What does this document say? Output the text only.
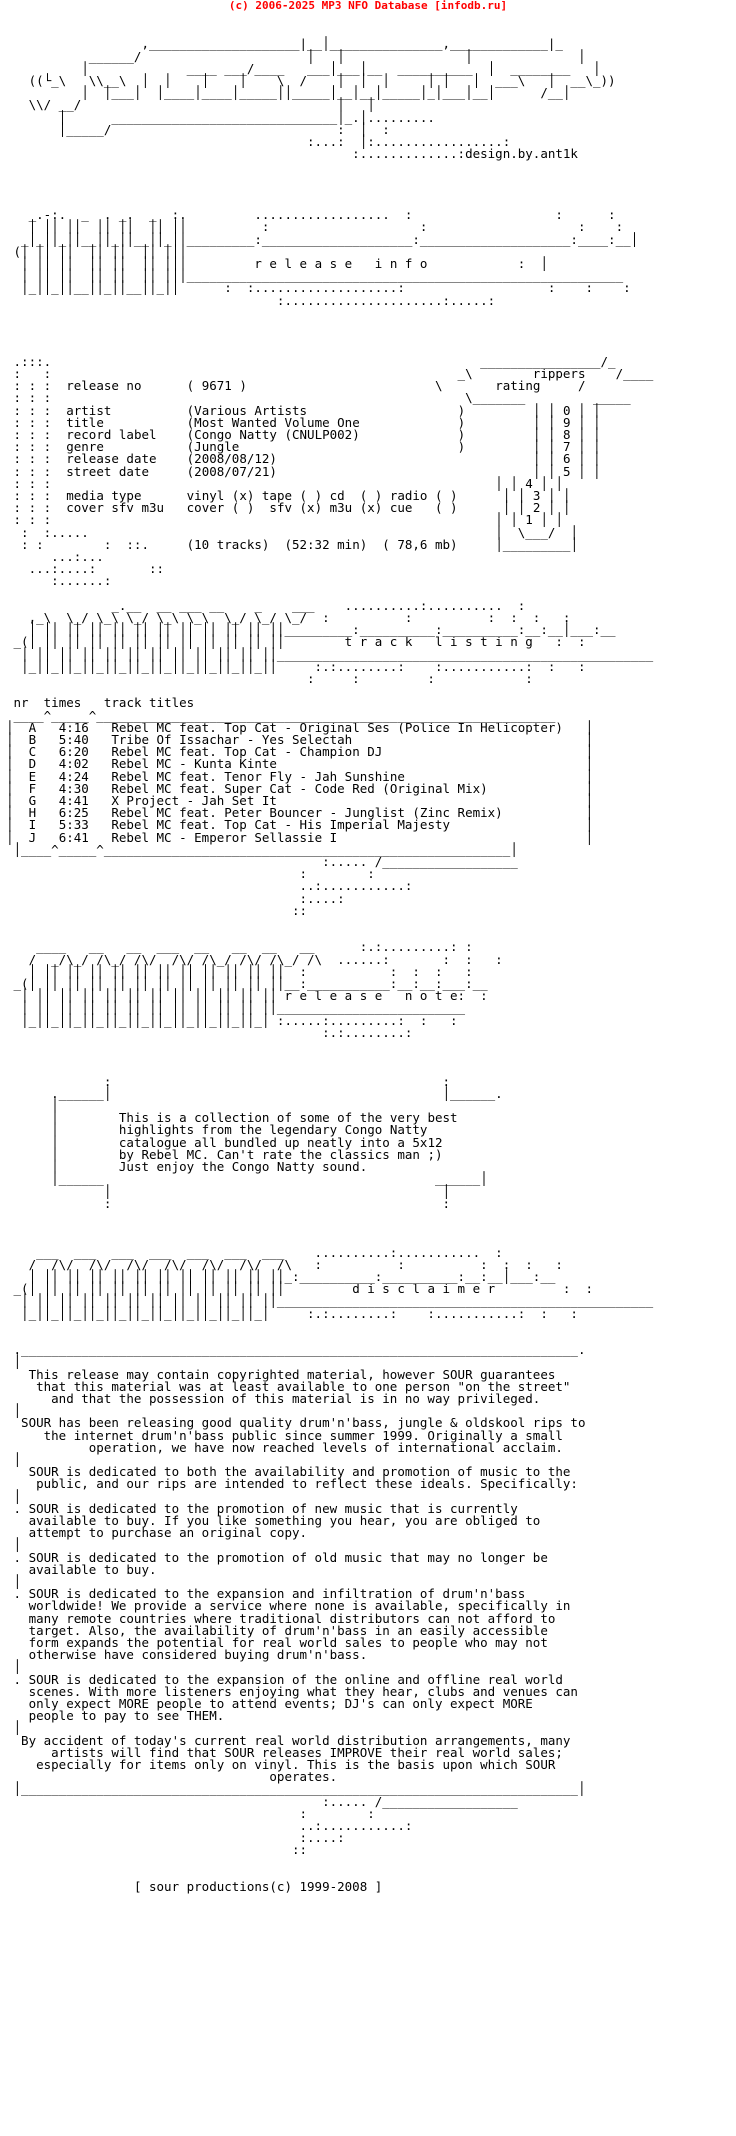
(c) 2006-2025 MP3 NFO Database [infodb.ru]

,____________________|__│_______________,_____________|_
______/                      │   │                │              │
│             ____ ___/____   ___│___│__  __________  │  ________   │
((└_\   \\__\  │  │    │    │    \  /    │  │  │     │ │   │  ___\   │  __\_))
│  │___│  │____│____│_____││_____│__│__│_____│_│___│__│      /__│
\\/ __/                                  │   │
│      ______________________________│_.│.........
│_____/                              :  │  :
:...:  │:.................:
:.............:design.by.ant1k

_.-:.  _  . _.  _  :.         ..................  :                   :      :
│ ││ ││  ││ ││  ││ ││          :                    :                    :    :
_│_││_││__││_││__││_││_________:____________________:____________________:____:__│
(│ ││ ││  ││ ││  ││ │││
│ ││ ││  ││ ││  ││ │││         r e l e a s e   i n f o	:  │
│ ││ ││  ││ ││  ││ │││__________________________________________________________
│_││_││__││_││__││_││      :  :...................:                   :    :    :
:.....................:.....:

.:::.                                                         ________________/_
:   :                                                      _\        rippers    /____
: : :  release no      ( 9671 )                         \       rating	/
: : :                                                       \_______         _____
: : :  artist          (Various Artists                    )	│ │ 0 │ │
: : :  title           (Most Wanted Volume One             )	│ │ 9 │ │
: : :  record label    (Congo Natty (CNULP002)             )	│ │ 8 │ │
: : :  genre           (Jungle                             )	│ │ 7 │ │
: : :  release date    (2008/08/12)	│ │ 6 │ │
: : :  street date     (2008/07/21)	│ │ 5 │ │
: : :                                                           │ │ 4 │ │
: : :  media type      vinyl (x) tape ( ) cd  ( ) radio ( )	│ │ 3 │ │
: : :  cover sfv m3u   cover ( )  sfv (x) m3u (x) cue   ( )	│ │ 2 │ │
: : :                                                           │ │ 1 │ │
:  :.....                                                      │  \___/  │
: :        :  ::.     (10 tracks)  (52:32 min)  ( 78,6 mb)	│_________│
...:...
...:....:       ::
:......:

_.__  __ ___ __    _    ___    ..........:..........  :
,_\  \_/ \_\ \_/ \_\ \_\  \_/ \_/ \_/  :          :          :  :  :   :
│ ││ ││ ││ ││ ││ ││ ││ ││ ││ ││ ││_________:__________:__________:__:__│___:__
_(│ ││ ││ ││ ││ ││ ││ ││ ││ ││ ││ ││        t r a c k   l i s t i n g   :  :
│ ││ ││ ││ ││ ││ ││ ││ ││ ││ ││ ││__________________________________________________
│_││_││_││_││_││_││_││_││_││_││_││     :.:........:    :...........:  :   :
:     :         :            :

nr times track titles
____^_____^_____________________________________________________________
│  A 4:16 Rebel MC feat. Top Cat - Original Ses (Police In Helicopter)   │
│  B 5:40 Tribe Of Issachar - Yes Selectah	│
│  C 6:20 Rebel MC feat. Top Cat - Champion DJ	│
│  D 4:02 Rebel MC - Kunta Kinte	│
│  E 4:24 Rebel MC feat. Tenor Fly - Jah Sunshine	│
│  F 4:30 Rebel MC feat. Super Cat - Code Red (Original Mix)	│
│  G 4:41 X Project - Jah Set It	│
│  H 6:25 Rebel MC feat. Peter Bouncer - Junglist (Zinc Remix)	│
│  I 5:33 Rebel MC feat. Top Cat - His Imperial Majesty	│
│  J 6:41 Rebel MC - Emperor Sellassie I	│
│____^_____^______________________________________________________│
:..... /__________________
:        :
..:...........:
:....:
::

____   __   __  ___  __   __  __   __      :.:.........: :
/  _/\_/ /\_/ /\/  /\/ /\_/ /\/ /\_/ /\  ......:       :  :   :
│ ││ ││ ││ ││ ││ ││ ││ ││ ││ ││ ││  :           :  :  :   :
_(│ ││ ││ ││ ││ ││ ││ ││ ││ ││ ││ ││__:___________:__:__:___:__
│ ││ ││ ││ ││ ││ ││ ││ ││ ││ ││ ││ r e l e a s e   n o t e:  :
│ ││ ││ ││ ││ ││ ││ ││ ││ ││ ││ ││_________________________
│_││_││_││_││_││_││_││_││_││_││_│ :.....:.........:  :   :
:.:........:

:                                            :
.______│                                            │______.
│
│        This is a collection of some of the very best
│        highlights from the legendary Congo Natty
│        catalogue all bundled up neatly into a 5x12
│        by Rebel MC. Can't rate the classics man ;)
│        Just enjoy the Congo Natty sound.
│______                                            ______│
│                                            │
:                                            :

___  ___  ___  ___  ___  ___  ___    ..........:...........  :
/  /\/  /\/  /\/  /\/  /\/  /\/  /\   :          :          :  :  :   :
│ ││ ││ ││ ││ ││ ││ ││ ││ ││ ││ ││_:__________:__________:__:__│___:__
_(│ ││ ││ ││ ││ ││ ││ ││ ││ ││ ││ ││         d i s c l a i m e r	:  :
│ ││ ││ ││ ││ ││ ││ ││ ││ ││ ││ ││__________________________________________________
│_││_││_││_││_││_││_││_││_││_││_│     :.:........:    :...........:  :   :

.__________________________________________________________________________.
│
This release may contain copyrighted material, however SOUR guarantees
that this material was at least available to one person "on the street"
and that the possession of this material is in no way privileged.
│
SOUR has been releasing good quality drum'n'bass, jungle & oldskool rips to
the internet drum'n'bass public since summer 1999. Originally a small
operation, we have now reached levels of international acclaim.
│
SOUR is dedicated to both the availability and promotion of music to the
public, and our rips are intended to reflect these ideals. Specifically:
│
. SOUR is dedicated to the promotion of new music that is currently
available to buy. If you like something you hear, you are obliged to
attempt to purchase an original copy.
│
. SOUR is dedicated to the promotion of old music that may no longer be
available to buy.
│
. SOUR is dedicated to the expansion and infiltration of drum'n'bass
worldwide! We provide a service where none is available, specifically in
many remote countries where traditional distributors can not afford to
target. Also, the availability of drum'n'bass in an easily accessible
form expands the potential for real world sales to people who may not
otherwise have considered buying drum'n'bass.
│
. SOUR is dedicated to the expansion of the online and offline real world
scenes. With more listeners enjoying what they hear, clubs and venues can
only expect MORE people to attend events; DJ's can only expect MORE
people to pay to see THEM.
│
By accident of today's current real world distribution arrangements, many
artists will find that SOUR releases IMPROVE their real world sales;
especially for items only on vinyl. This is the basis upon which SOUR
operates.
│__________________________________________________________________________│
:..... /__________________
:        :
..:...........:
:....:
::

[ sour productions(c) 1999-2008 ]
